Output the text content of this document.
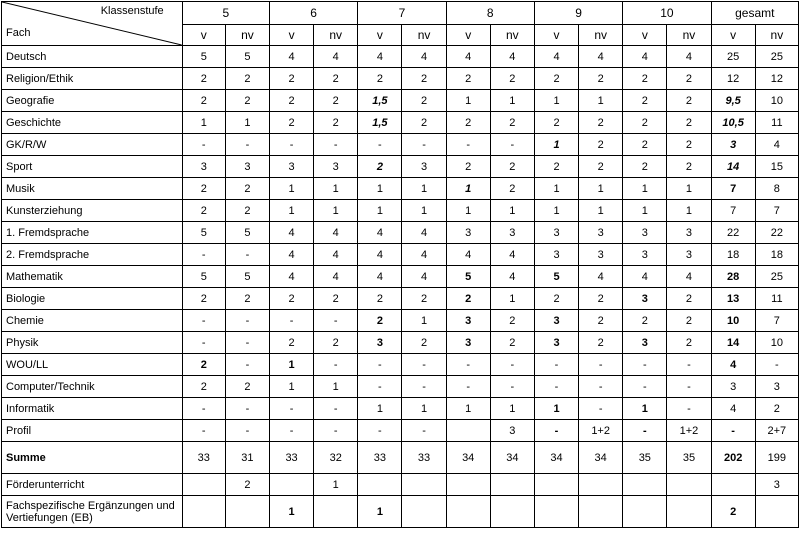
Klassenstufe
Fach	5		6		7		8		9		10		gesamt	
	v	nv	v	nv	v	nv	v	nv	v	nv	v	nv	v	nv
Deutsch	5	5	4	4	4	4	4	4	4	4	4	4	25	25
Religion/Ethik	2	2	2	2	2	2	2	2	2	2	2	2	12	12
Geografie	2	2	2	2	1,5	2	1	1	1	1	2	2	9,5	10
Geschichte	1	1	2	2	1,5	2	2	2	2	2	2	2	10,5	11
GK/R/W	-	-	-	-	-	-	-	-	1	2	2	2	3	4
Sport	3	3	3	3	2	3	2	2	2	2	2	2	14	15
Musik	2	2	1	1	1	1	1	2	1	1	1	1	7	8
Kunsterziehung	2	2	1	1	1	1	1	1	1	1	1	1	7	7
1. Fremdsprache	5	5	4	4	4	4	3	3	3	3	3	3	22	22
2. Fremdsprache	-	-	4	4	4	4	4	4	3	3	3	3	18	18
Mathematik	5	5	4	4	4	4	5	4	5	4	4	4	28	25
Biologie	2	2	2	2	2	2	2	1	2	2	3	2	13	11
Chemie	-	-	-	-	2	1	3	2	3	2	2	2	10	7
Physik	-	-	2	2	3	2	3	2	3	2	3	2	14	10
WOU/LL	2	-	1	-	-	-	-	-	-	-	-	-	4	-
Computer/Technik	2	2	1	1	-	-	-	-	-	-	-	-	3	3
Informatik	-	-	-	-	1	1	1	1	1	-	1	-	4	2
Profil	-	-	-	-	-	-		3	-	1+2	-	1+2	-	2+7
Summe	33	31	33	32	33	33	34	34	34	34	35	35	202	199
Förderunterricht		2		1										3
Fachspezifische Ergänzungen und Vertiefungen (EB)			1		1								2	
